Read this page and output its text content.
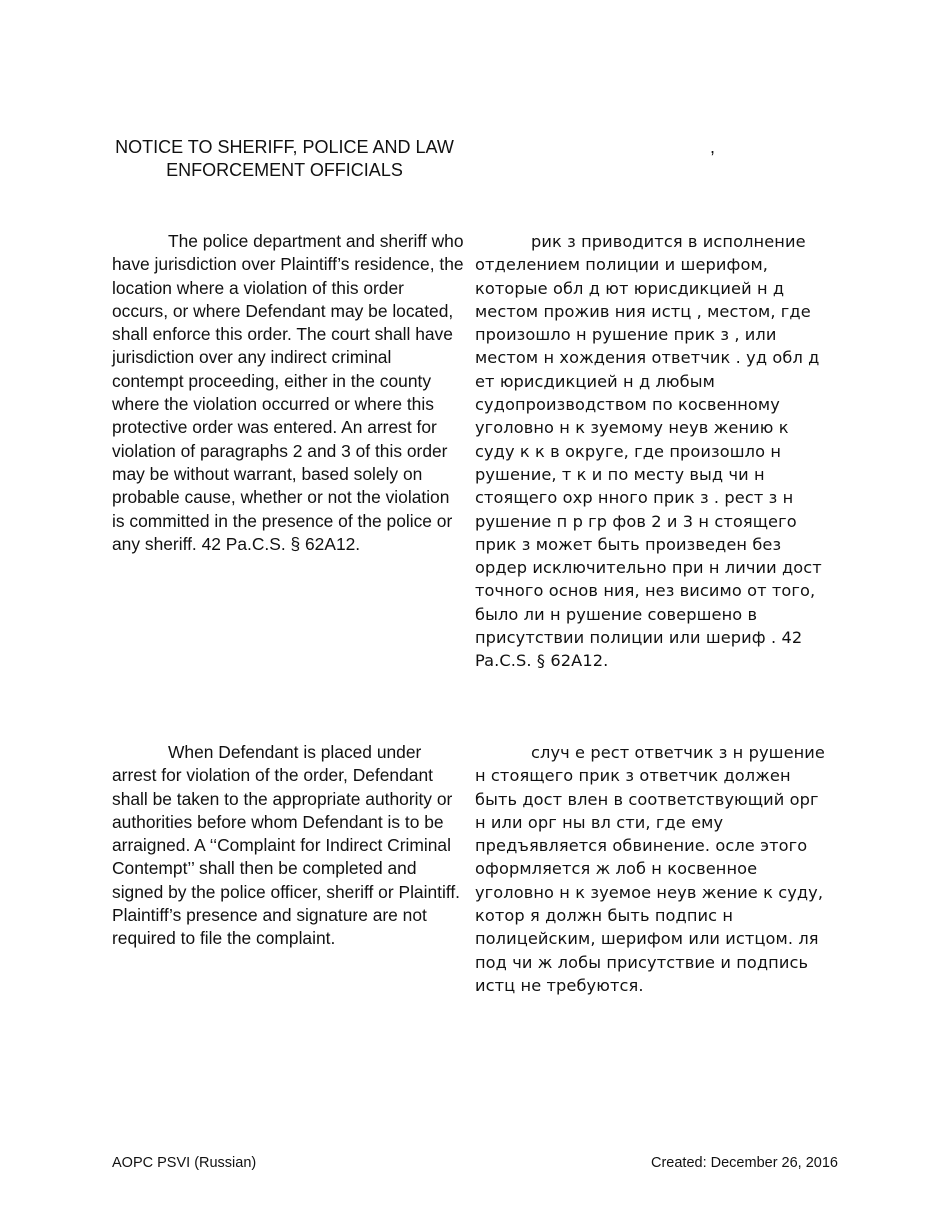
NOTICE TO SHERIFF, POLICE AND LAW ENFORCEMENT OFFICIALS
,

The police department and sheriff who have jurisdiction over Plaintiff’s residence, the location where a violation of this order occurs, or where Defendant may be located, shall enforce this order. The court shall have jurisdiction over any indirect criminal contempt proceeding, either in the county where the violation occurred or where this protective order was entered. An arrest for violation of paragraphs 2 and 3 of this order may be without warrant, based solely on probable cause, whether or not the violation is committed in the presence of the police or any sheriff. 42 Pa.C.S. § 62A12.

рик з приводится в исполнение отделением полиции и шерифом, которые обл д ют юрисдикцией н д местом прожив ния истц , местом, где произошло н рушение прик з , или местом н хождения ответчик . уд обл д ет юрисдикцией н д любым судопроизводством по косвенному уголовно н к зуемому неув жению к суду к к в округе, где произошло н рушение, т к и по месту выд чи н стоящего охр нного прик з . рест з н рушение п р гр фов 2 и 3 н стоящего прик з может быть произведен без ордер исключительно при н личии дост точного основ ния, нез висимо от того, было ли н рушение совершено в присутствии полиции или шериф . 42 Pa.C.S. § 62A12.

When Defendant is placed under arrest for violation of the order, Defendant shall be taken to the appropriate authority or authorities before whom Defendant is to be arraigned. A ‘‘Complaint for Indirect Criminal Contempt’’ shall then be completed and signed by the police officer, sheriff or Plaintiff. Plaintiff’s presence and signature are not required to file the complaint.

случ е рест ответчик з н рушение н стоящего прик з ответчик должен быть дост влен в соответствующий орг н или орг ны вл сти, где ему предъявляется обвинение. осле этого оформляется ж лоб н косвенное уголовно н к зуемое неув жение к суду, котор я должн быть подпис н полицейским, шерифом или истцом. ля под чи ж лобы присутствие и подпись истц не требуются.

AOPC PSVI (Russian)	Created: December 26, 2016
